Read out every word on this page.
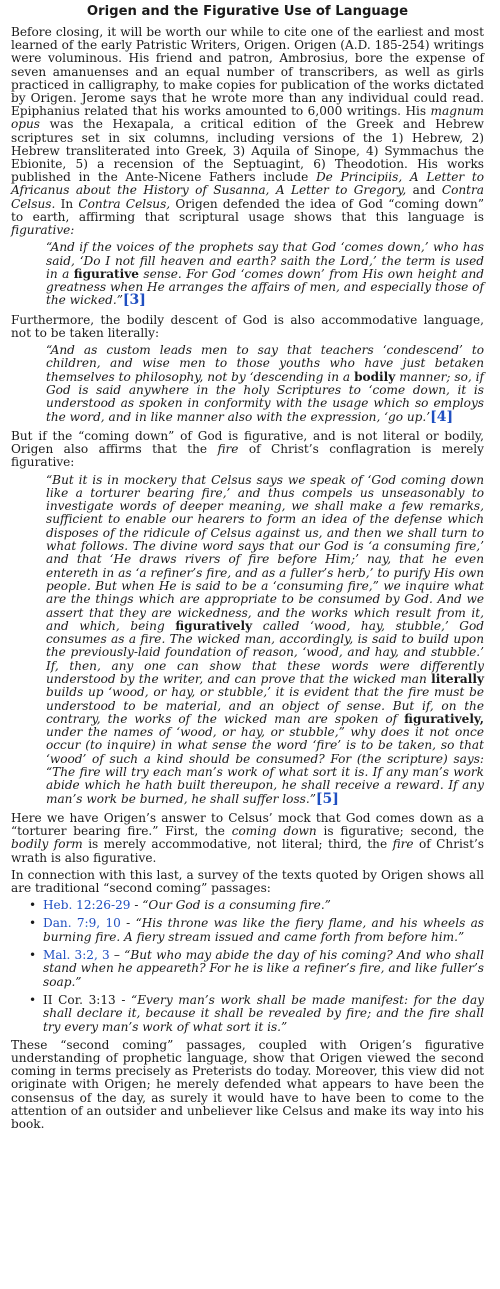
Origen and the Figurative Use of Language

Before closing, it will be worth our while to cite one of the earliest and most learned of the early Patristic Writers, Origen. Origen (A.D. 185-254) writings were voluminous. His friend and patron, Ambrosius, bore the expense of seven amanuenses and an equal number of transcribers, as well as girls practiced in calligraphy, to make copies for publication of the works dictated by Origen. Jerome says that he wrote more than any individual could read. Epiphanius related that his works amounted to 6,000 writings. His magnum opus was the Hexapala, a critical edition of the Greek and Hebrew scriptures set in six columns, including versions of the 1) Hebrew, 2) Hebrew transliterated into Greek, 3) Aquila of Sinope, 4) Symmachus the Ebionite, 5) a recension of the Septuagint, 6) Theodotion. His works published in the Ante-Nicene Fathers include De Principiis, A Letter to Africanus about the History of Susanna, A Letter to Gregory, and Contra Celsus. In Contra Celsus, Origen defended the idea of God “coming down” to earth, affirming that scriptural usage shows that this language is figurative:

“And if the voices of the prophets say that God ‘comes down,’ who has said, ‘Do I not fill heaven and earth? saith the Lord,’ the term is used in a figurative sense. For God ‘comes down’ from His own height and greatness when He arranges the affairs of men, and especially those of the wicked.”[3]

Furthermore, the bodily descent of God is also accommodative language, not to be taken literally:

“And as custom leads men to say that teachers ‘condescend’ to children, and wise men to those youths who have just betaken themselves to philosophy, not by ‘descending in a bodily manner; so, if God is said anywhere in the holy Scriptures to ‘come down, it is understood as spoken in conformity with the usage which so employs the word, and in like manner also with the expression, ‘go up.’[4]

But if the “coming down” of God is figurative, and is not literal or bodily, Origen also affirms that the fire of Christ’s conflagration is merely figurative:

“But it is in mockery that Celsus says we speak of ‘God coming down like a torturer bearing fire,’ and thus compels us unseasonably to investigate words of deeper meaning, we shall make a few remarks, sufficient to enable our hearers to form an idea of the defense which disposes of the ridicule of Celsus against us, and then we shall turn to what follows. The divine word says that our God is ‘a consuming fire,’ and that ‘He draws rivers of fire before Him;’ nay, that he even entereth in as ‘a refiner’s fire, and as a fuller’s herb,’ to purify His own people. But when He is said to be a ‘consuming fire,” we inquire what are the things which are appropriate to be consumed by God. And we assert that they are wickedness, and the works which result from it, and which, being figuratively called ‘wood, hay, stubble,’ God consumes as a fire. The wicked man, accordingly, is said to build upon the previously-laid foundation of reason, ‘wood, and hay, and stubble.’ If, then, any one can show that these words were differently understood by the writer, and can prove that the wicked man literally builds up ‘wood, or hay, or stubble,’ it is evident that the fire must be understood to be material, and an object of sense. But if, on the contrary, the works of the wicked man are spoken of figuratively, under the names of ‘wood, or hay, or stubble,” why does it not once occur (to inquire) in what sense the word ‘fire’ is to be taken, so that ‘wood’ of such a kind should be consumed? For (the scripture) says: “The fire will try each man’s work of what sort it is. If any man’s work abide which he hath built thereupon, he shall receive a reward. If any man’s work be burned, he shall suffer loss.”[5]

Here we have Origen’s answer to Celsus’ mock that God comes down as a “torturer bearing fire.” First, the coming down is figurative; second, the bodily form is merely accommodative, not literal; third, the fire of Christ’s wrath is also figurative.

In connection with this last, a survey of the texts quoted by Origen shows all are traditional “second coming” passages:

• Heb. 12:26-29 - “Our God is a consuming fire.”
• Dan. 7:9, 10 - “His throne was like the fiery flame, and his wheels as burning fire. A fiery stream issued and came forth from before him.”
• Mal. 3:2, 3 – “But who may abide the day of his coming? And who shall stand when he appeareth? For he is like a refiner’s fire, and like fuller’s soap.”
• II Cor. 3:13 - “Every man’s work shall be made manifest: for the day shall declare it, because it shall be revealed by fire; and the fire shall try every man’s work of what sort it is.”

These “second coming” passages, coupled with Origen’s figurative understanding of prophetic language, show that Origen viewed the second coming in terms precisely as Preterists do today. Moreover, this view did not originate with Origen; he merely defended what appears to have been the consensus of the day, as surely it would have to have been to come to the attention of an outsider and unbeliever like Celsus and make its way into his book.
